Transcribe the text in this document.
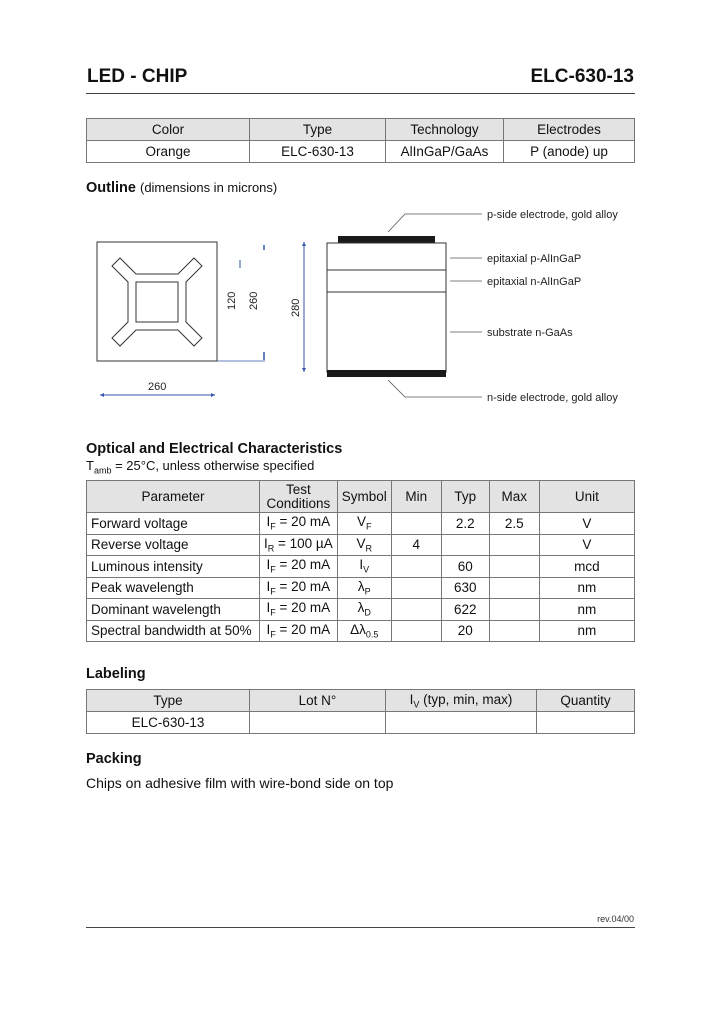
LED - CHIP	ELC-630-13
Color	Type	Technology	Electrodes
Orange	ELC-630-13	AlInGaP/GaAs	P (anode) up
Outline (dimensions in microns)
260
120 260	280
p-side electrode, gold alloy
epitaxial p-AlInGaP
epitaxial n-AlInGaP
substrate n-GaAs
n-side electrode, gold alloy
Optical and Electrical Characteristics
$T_{amb} = 25^\circ C$, unless otherwise specified
Parameter	Test Conditions	Symbol	Min	Typ	Max	Unit
Forward voltage	$I_F = 20$ mA	$V_F$		2.2	2.5	V
Reverse voltage	$I_R = 100$ µA	$V_R$	4			V
Luminous intensity	$I_F = 20$ mA	$I_V$		60		mcd
Peak wavelength	$I_F = 20$ mA	$\lambda_P$		630		nm
Dominant wavelength	$I_F = 20$ mA	$\lambda_D$		622		nm
Spectral bandwidth at 50%	$I_F = 20$ mA	$\Delta\lambda_{0.5}$		20		nm
Labeling
Type	Lot N°	$I_V$ (typ, min, max)	Quantity
ELC-630-13			
Packing
Chips on adhesive film with wire-bond side on top
rev.04/00
